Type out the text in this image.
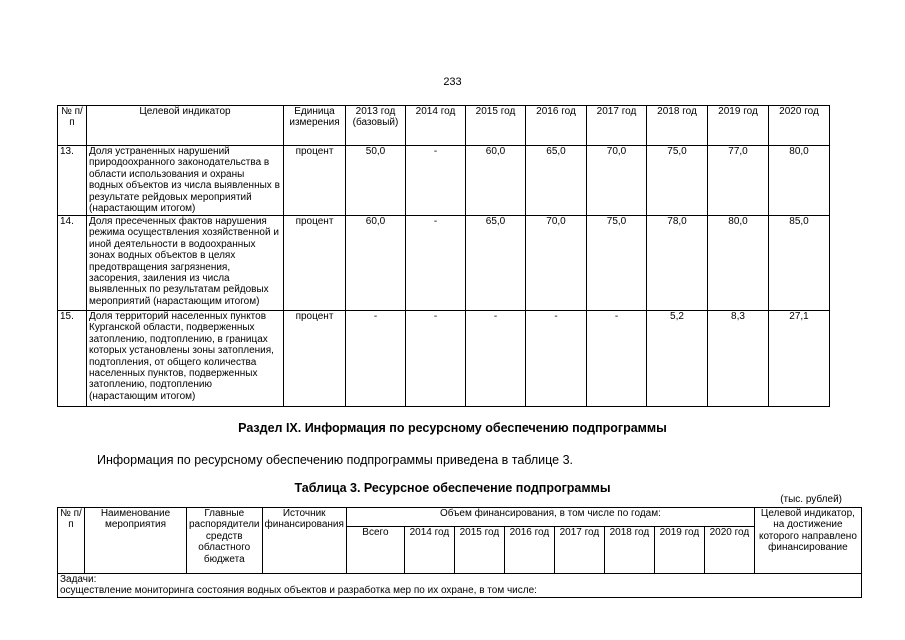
233
№ п/п	Целевой индикатор	Единица измерения	2013 год (базовый)	2014 год	2015 год	2016 год	2017 год	2018 год	2019 год	2020 год
13.	Доля устраненных нарушений природоохранного законодательства в области использования и охраны водных объектов из числа выявленных в результате рейдовых мероприятий (нарастающим итогом)	процент	50,0	-	60,0	65,0	70,0	75,0	77,0	80,0
14.	Доля пресеченных фактов нарушения режима осуществления хозяйственной и иной деятельности в водоохранных зонах водных объектов в целях предотвращения загрязнения, засорения, заиления из числа выявленных по результатам рейдовых мероприятий (нарастающим итогом)	процент	60,0	-	65,0	70,0	75,0	78,0	80,0	85,0
15.	Доля территорий населенных пунктов Курганской области, подверженных затоплению, подтоплению, в границах которых установлены зоны затопления, подтопления, от общего количества населенных пунктов, подверженных затоплению, подтоплению (нарастающим итогом)	процент	-	-	-	-	-	5,2	8,3	27,1
Раздел IX. Информация по ресурсному обеспечению подпрограммы
Информация по ресурсному обеспечению подпрограммы приведена в таблице 3.
Таблица 3. Ресурсное обеспечение подпрограммы
(тыс. рублей)
№ п/п	Наименование мероприятия	Главные распорядители средств областного бюджета	Источник финансирования	Объем финансирования, в том числе по годам:								Целевой индикатор, на достижение которого направлено финансирование
				Всего	2014 год	2015 год	2016 год	2017 год	2018 год	2019 год	2020 год	

Задачи:
осуществление мониторинга состояния водных объектов и разработка мер по их охране, в том числе:												
